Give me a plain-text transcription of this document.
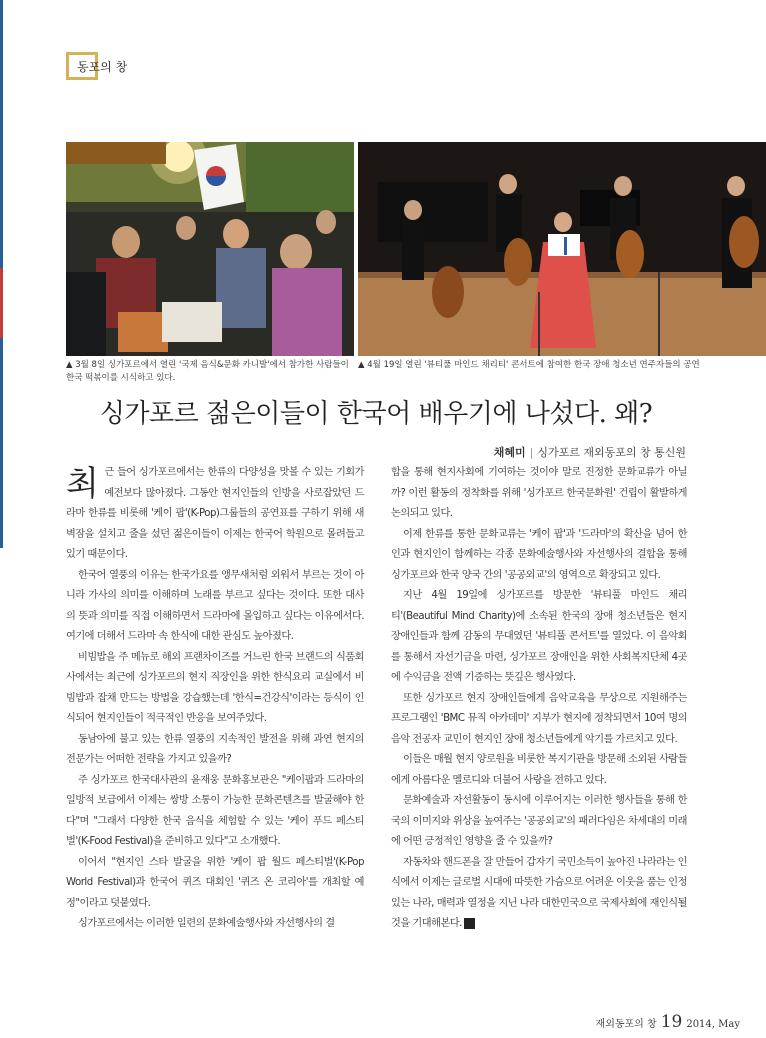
동포의 창
▲ 3월 8일 싱가포르에서 열린 '국제 음식&문화 카니발'에서 참가한 사람들이 한국 떡볶이를 시식하고 있다.
▲ 4월 19일 열린 '뷰티풀 마인드 채리티' 콘서트에 참여한 한국 장애 청소년 연주자들의 공연
싱가포르 젊은이들이 한국어 배우기에 나섰다. 왜?
채혜미 | 싱가포르 재외동포의 창 통신원

최근 들어 싱가포르에서는 한류의 다양성을 맛볼 수 있는 기회가 예전보다 많아졌다. 그동안 현지인들의 인방을 사로잡았던 드라마 한류를 비롯해 '케이 팝'(K-Pop)그룹들의 공연표를 구하기 위해 새벽잠을 설치고 줄을 섰던 젊은이들이 이제는 한국어 학원으로 몰려들고 있기 때문이다.

한국어 열풍의 이유는 한국가요를 앵무새처럼 외워서 부르는 것이 아니라 가사의 의미를 이해하며 노래를 부르고 싶다는 것이다. 또한 대사의 뜻과 의미를 직접 이해하면서 드라마에 몰입하고 싶다는 이유에서다. 여기에 더해서 드라마 속 한식에 대한 관심도 높아졌다.

비빔밥을 주 메뉴로 해외 프랜차이즈를 거느린 한국 브랜드의 식품회사에서는 최근에 싱가포르의 현지 직장인을 위한 한식요리 교실에서 비빔밥과 잡채 만드는 방법을 강습했는데 '한식=건강식'이라는 등식이 인식되어 현지인들이 적극적인 반응을 보여주었다.

동남아에 불고 있는 한류 열풍의 지속적인 발전을 위해 과연 현지의 전문가는 어떠한 전략을 가지고 있을까?

주 싱가포르 한국대사관의 윤재웅 문화홍보관은 "케이팝과 드라마의 일방적 보급에서 이제는 쌍방 소통이 가능한 문화콘텐츠를 발굴해야 한다"며 "그래서 다양한 한국 음식을 체험할 수 있는 '케이 푸드 페스티벌'(K-Food Festival)을 준비하고 있다"고 소개했다.

이어서 "현지인 스타 발굴을 위한 '케이 팝 월드 페스티벌'(K-Pop World Festival)과 한국어 퀴즈 대회인 '퀴즈 온 코리아'를 개최할 예정"이라고 덧붙였다.

싱가포르에서는 이러한 일련의 문화예술행사와 자선행사의 결

합을 통해 현지사회에 기여하는 것이야 말로 진정한 문화교류가 아닐까? 이런 활동의 정착화를 위해 '싱가포르 한국문화원' 건립이 활발하게 논의되고 있다.

이제 한류를 통한 문화교류는 '케이 팝'과 '드라마'의 확산을 넘어 한인과 현지인이 함께하는 각종 문화예술행사와 자선행사의 결합을 통해 싱가포르와 한국 양국 간의 '공공외교'의 영역으로 확장되고 있다.

지난 4월 19일에 싱가포르를 방문한 '뷰티풀 마인드 채리티'(Beautiful Mind Charity)에 소속된 한국의 장애 청소년들은 현지 장애인들과 함께 감동의 무대였던 '뷰티풀 콘서트'를 열었다. 이 음악회를 통해서 자선기금을 마련, 싱가포르 장애인을 위한 사회복지단체 4곳에 수익금을 전액 기증하는 뜻깊은 행사였다.

또한 싱가포르 현지 장애인들에게 음악교육을 무상으로 지원해주는 프로그램인 'BMC 뮤직 아카데미' 지부가 현지에 정착되면서 10여 명의 음악 전공자 교민이 현지인 장애 청소년들에게 악기를 가르치고 있다.

이들은 매월 현지 양로원을 비롯한 복지기관을 방문해 소외된 사람들에게 아름다운 멜로디와 더불어 사랑을 전하고 있다.

문화예술과 자선활동이 동시에 이루어지는 이러한 행사들을 통해 한국의 이미지와 위상을 높여주는 '공공외교'의 패러다임은 차세대의 미래에 어떤 긍정적인 영향을 줄 수 있을까?

자동차와 핸드폰을 잘 만들어 갑자기 국민소득이 높아진 나라라는 인식에서 이제는 글로벌 시대에 따뜻한 가슴으로 어려운 이웃을 품는 인정 있는 나라, 매력과 열정을 지닌 나라 대한민국으로 국제사회에 재인식될 것을 기대해본다.

재외동포의 창 19 2014, May
